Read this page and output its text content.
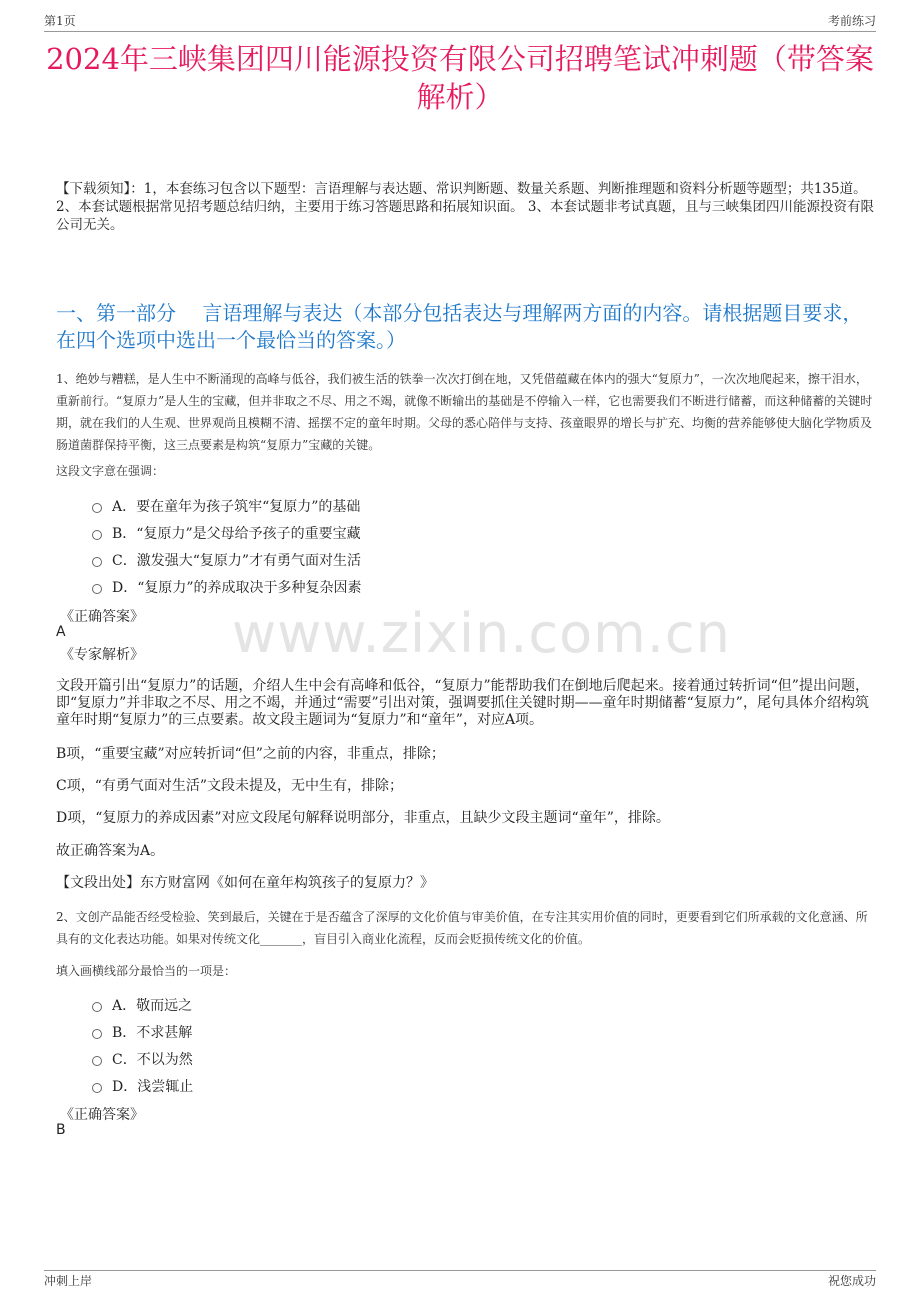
第1页	考前练习
2024年三峡集团四川能源投资有限公司招聘笔试冲刺题（带答案解析）
【下载须知】：1，本套练习包含以下题型：言语理解与表达题、常识判断题、数量关系题、判断推理题和资料分析题等题型；共135道。 2、本套试题根据常见招考题总结归纳，主要用于练习答题思路和拓展知识面。 3、本套试题非考试真题，且与三峡集团四川能源投资有限公司无关。
一、第一部分　 言语理解与表达（本部分包括表达与理解两方面的内容。请根据题目要求，在四个选项中选出一个最恰当的答案。）
1、绝妙与糟糕，是人生中不断涌现的高峰与低谷，我们被生活的铁拳一次次打倒在地，又凭借蕴藏在体内的强大“复原力”，一次次地爬起来，擦干泪水，重新前行。“复原力”是人生的宝藏，但并非取之不尽、用之不竭，就像不断输出的基础是不停输入一样，它也需要我们不断进行储蓄，而这种储蓄的关键时期，就在我们的人生观、世界观尚且模糊不清、摇摆不定的童年时期。父母的悉心陪伴与支持、孩童眼界的增长与扩充、均衡的营养能够使大脑化学物质及肠道菌群保持平衡，这三点要素是构筑“复原力”宝藏的关键。
这段文字意在强调：
A．要在童年为孩子筑牢“复原力”的基础
B．“复原力”是父母给予孩子的重要宝藏
C．激发强大“复原力”才有勇气面对生活
D．“复原力”的养成取决于多种复杂因素
《正确答案》
A
《专家解析》 www.zixin.com.cn
文段开篇引出“复原力”的话题，介绍人生中会有高峰和低谷，“复原力”能帮助我们在倒地后爬起来。接着通过转折词“但”提出问题，即“复原力”并非取之不尽、用之不竭，并通过“需要”引出对策，强调要抓住关键时期——童年时期储蓄“复原力”，尾句具体介绍构筑童年时期“复原力”的三点要素。故文段主题词为“复原力”和“童年”，对应A项。
B项，“重要宝藏”对应转折词“但”之前的内容，非重点，排除；
C项，“有勇气面对生活”文段未提及，无中生有，排除；
D项，“复原力的养成因素”对应文段尾句解释说明部分，非重点，且缺少文段主题词“童年”，排除。
故正确答案为A。
【文段出处】东方财富网《如何在童年构筑孩子的复原力？》
2、文创产品能否经受检验、笑到最后，关键在于是否蕴含了深厚的文化价值与审美价值，在专注其实用价值的同时，更要看到它们所承载的文化意涵、所具有的文化表达功能。如果对传统文化_______，盲目引入商业化流程，反而会贬损传统文化的价值。
填入画横线部分最恰当的一项是：
A．敬而远之
B．不求甚解
C．不以为然
D．浅尝辄止
《正确答案》
B
冲刺上岸	祝您成功
